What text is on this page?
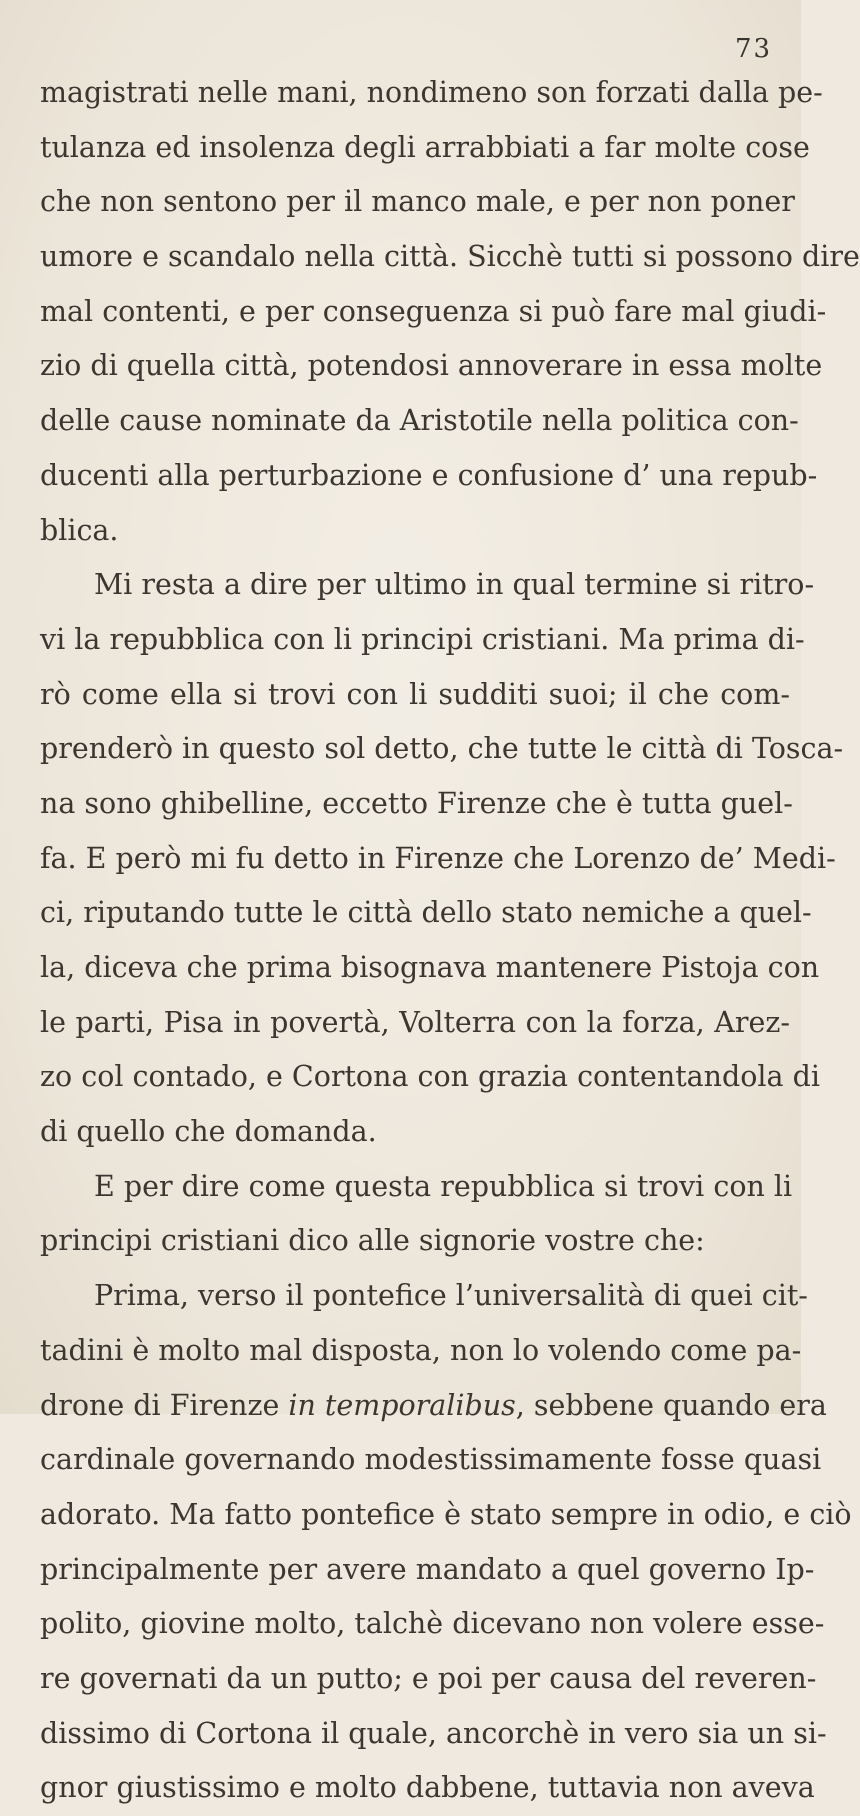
73
magistrati nelle mani, nondimeno son forzati dalla pe-
tulanza ed insolenza degli arrabbiati a far molte cose
che non sentono per il manco male, e per non poner
umore e scandalo nella città. Sicchè tutti si possono dire
mal contenti, e per conseguenza si può fare mal giudi-
zio di quella città, potendosi annoverare in essa molte
delle cause nominate da Aristotile nella politica con-
ducenti alla perturbazione e confusione d’ una repub-
blica.
Mi resta a dire per ultimo in qual termine si ritro-
vi la repubblica con li principi cristiani. Ma prima di-
rò come ella si trovi con li sudditi suoi; il che com-
prenderò in questo sol detto, che tutte le città di Tosca-
na sono ghibelline, eccetto Firenze che è tutta guel-
fa. E però mi fu detto in Firenze che Lorenzo de’ Medi-
ci, riputando tutte le città dello stato nemiche a quel-
la, diceva che prima bisognava mantenere Pistoja con
le parti, Pisa in povertà, Volterra con la forza, Arez-
zo col contado, e Cortona con grazia contentandola di
di quello che domanda.
E per dire come questa repubblica si trovi con li
principi cristiani dico alle signorie vostre che:
Prima, verso il pontefice l’universalità di quei cit-
tadini è molto mal disposta, non lo volendo come pa-
drone di Firenze in temporalibus, sebbene quando era
cardinale governando modestissimamente fosse quasi
adorato. Ma fatto pontefice è stato sempre in odio, e ciò
principalmente per avere mandato a quel governo Ip-
polito, giovine molto, talchè dicevano non volere esse-
re governati da un putto; e poi per causa del reveren-
dissimo di Cortona il quale, ancorchè in vero sia un si-
gnor giustissimo e molto dabbene, tuttavia non aveva
